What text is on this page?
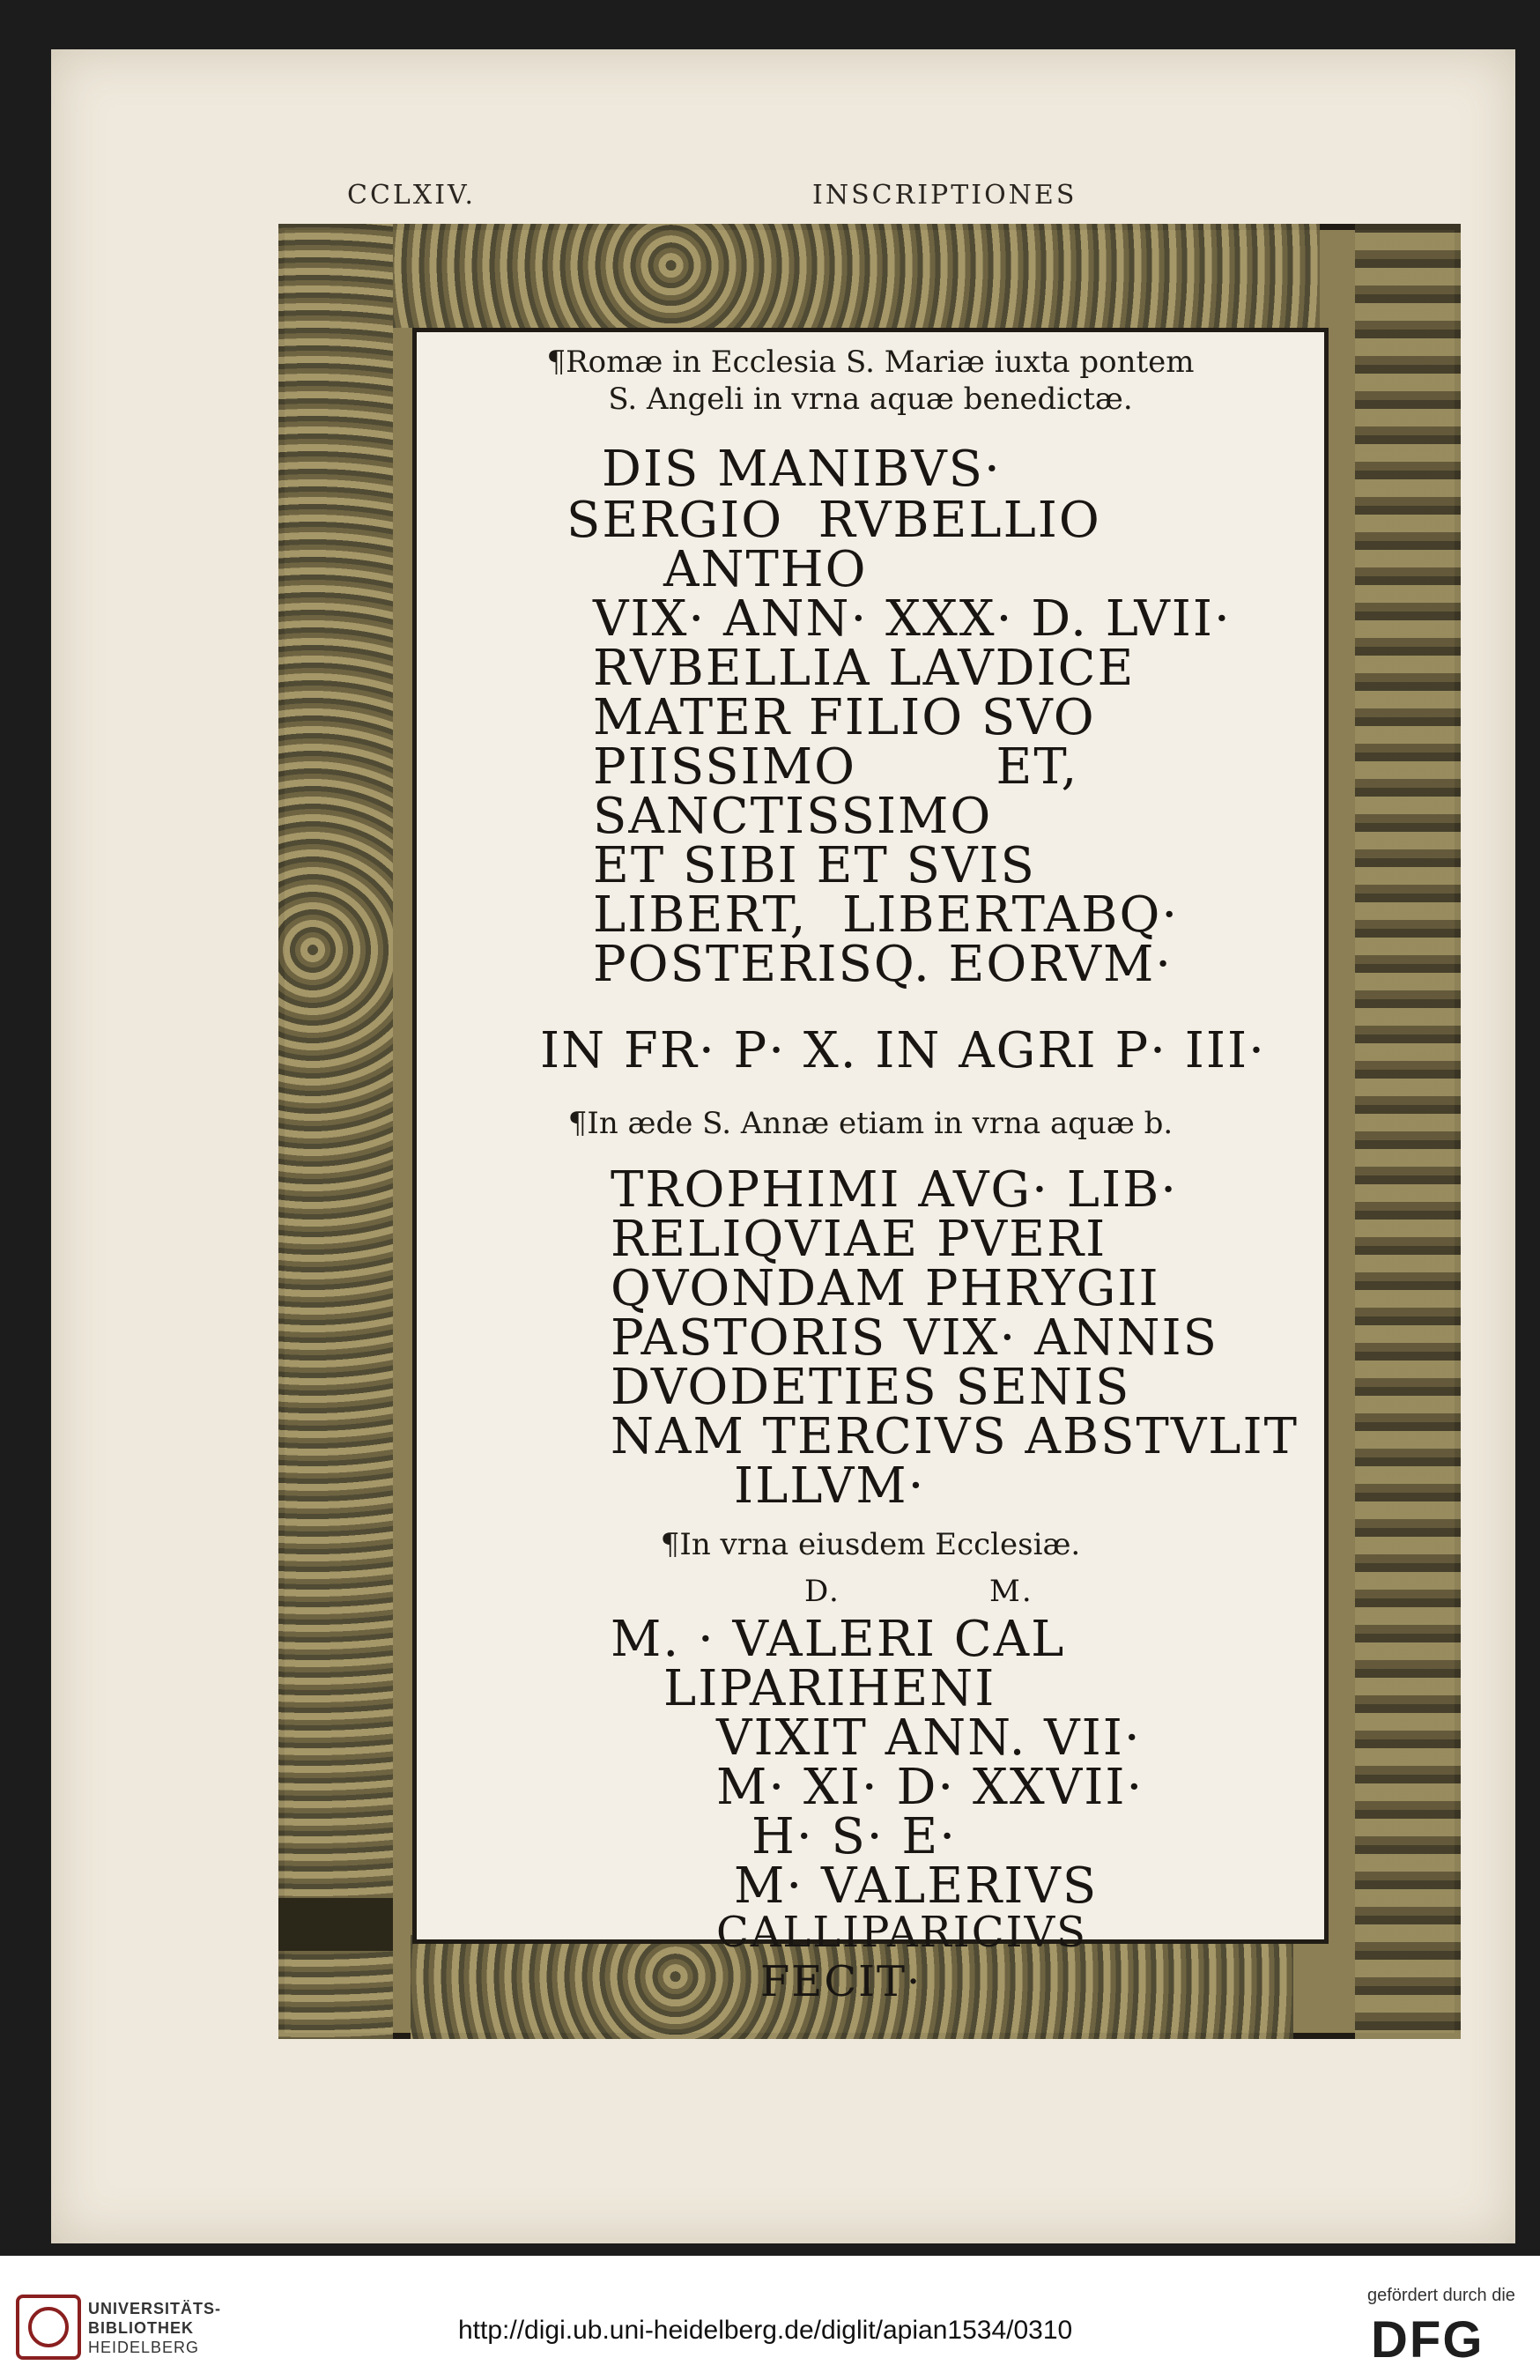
CCLXIV.	INSCRIPTIONES
¶Romæ in Ecclesia S. Mariæ iuxta pontem
S. Angeli in vrna aquæ benedictæ.
DIS MANIBVS·
SERGIO  RVBELLIO
ANTHO
VIX· ANN· XXX· D. LVII·
RVBELLIA LAVDICE
MATER FILIO SVO
PIISSIMO        ET,
SANCTISSIMO
ET SIBI ET SVIS
LIBERT,  LIBERTABQ·
POSTERISQ. EORVM·
IN FR· P· X. IN AGRI P· III·
¶In æde S. Annæ etiam in vrna aquæ b.
TROPHIMI AVG· LIB·
RELIQVIAE PVERI
QVONDAM PHRYGII
PASTORIS VIX· ANNIS
DVODETIES SENIS
NAM TERCIVS ABSTVLIT
ILLVM·
¶In vrna eiusdem Ecclesiæ.
D.	M.
M. · VALERI CAL
LIPARIHENI
VIXIT ANN. VII·
M· XI· D· XXVII·
H· S· E·
M· VALERIVS
CALLIPARICIVS
FECIT·
UNIVERSITÄTS-
BIBLIOTHEK
HEIDELBERG
http://digi.ub.uni-heidelberg.de/diglit/apian1534/0310
gefördert durch die
DFG
